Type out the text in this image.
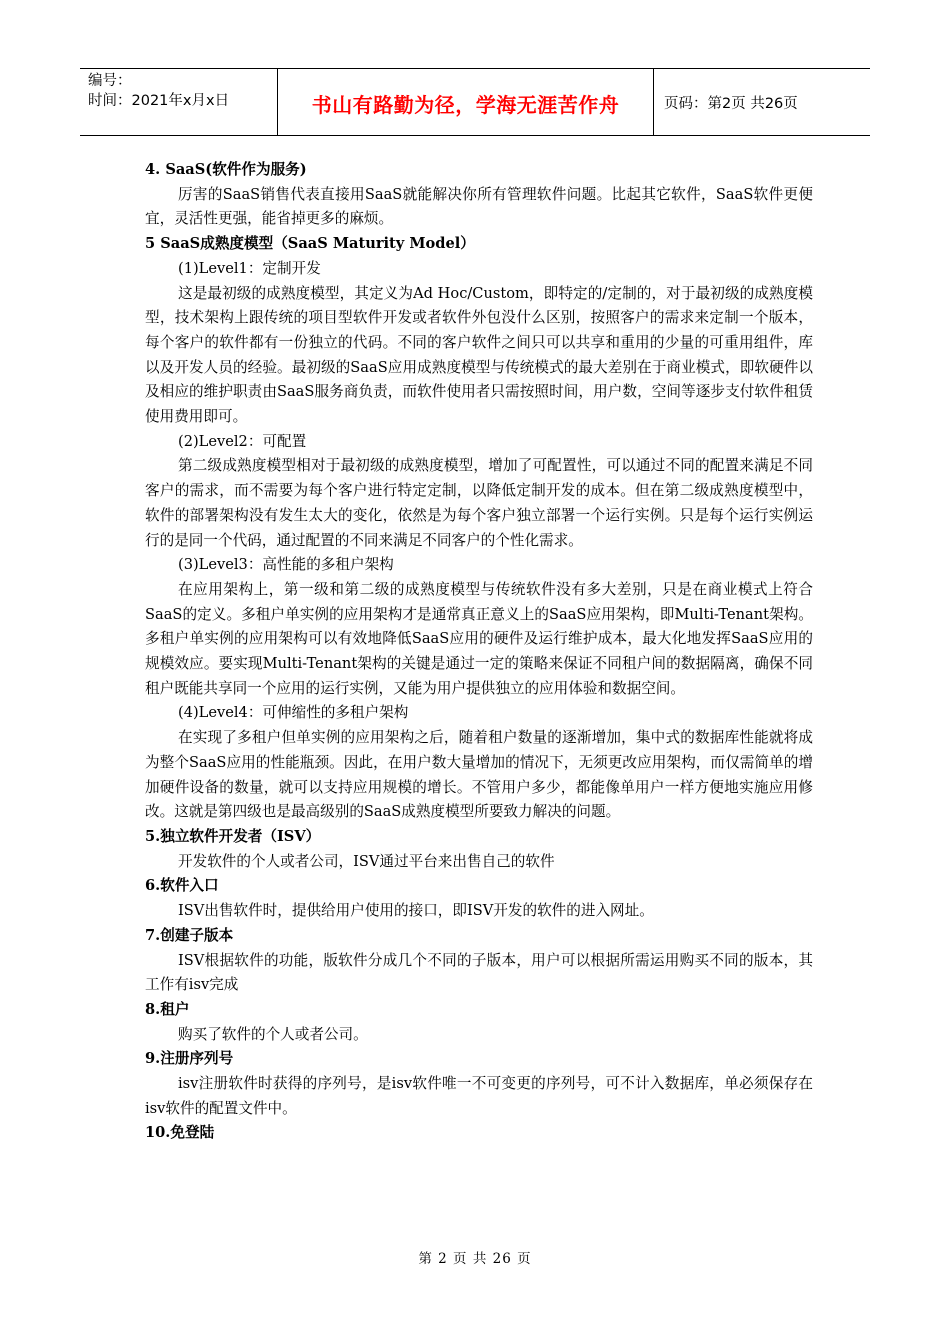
编号：
时间：2021年x月x日	书山有路勤为径，学海无涯苦作舟	页码：第2页 共26页

4. SaaS(软件作为服务)

厉害的SaaS销售代表直接用SaaS就能解决你所有管理软件问题。比起其它软件，SaaS软件更便宜，灵活性更强，能省掉更多的麻烦。

5 SaaS成熟度模型（SaaS Maturity Model）

(1)Level1：定制开发

这是最初级的成熟度模型，其定义为Ad Hoc/Custom，即特定的/定制的，对于最初级的成熟度模型，技术架构上跟传统的项目型软件开发或者软件外包没什么区别，按照客户的需求来定制一个版本，每个客户的软件都有一份独立的代码。不同的客户软件之间只可以共享和重用的少量的可重用组件，库以及开发人员的经验。最初级的SaaS应用成熟度模型与传统模式的最大差别在于商业模式，即软硬件以及相应的维护职责由SaaS服务商负责，而软件使用者只需按照时间，用户数，空间等逐步支付软件租赁使用费用即可。

(2)Level2：可配置

第二级成熟度模型相对于最初级的成熟度模型，增加了可配置性，可以通过不同的配置来满足不同客户的需求，而不需要为每个客户进行特定定制，以降低定制开发的成本。但在第二级成熟度模型中，软件的部署架构没有发生太大的变化，依然是为每个客户独立部署一个运行实例。只是每个运行实例运行的是同一个代码，通过配置的不同来满足不同客户的个性化需求。

(3)Level3：高性能的多租户架构

在应用架构上，第一级和第二级的成熟度模型与传统软件没有多大差别，只是在商业模式上符合SaaS的定义。多租户单实例的应用架构才是通常真正意义上的SaaS应用架构，即Multi-Tenant架构。多租户单实例的应用架构可以有效地降低SaaS应用的硬件及运行维护成本，最大化地发挥SaaS应用的规模效应。要实现Multi-Tenant架构的关键是通过一定的策略来保证不同租户间的数据隔离，确保不同租户既能共享同一个应用的运行实例，又能为用户提供独立的应用体验和数据空间。

(4)Level4：可伸缩性的多租户架构

在实现了多租户但单实例的应用架构之后，随着租户数量的逐渐增加，集中式的数据库性能就将成为整个SaaS应用的性能瓶颈。因此，在用户数大量增加的情况下，无须更改应用架构，而仅需简单的增加硬件设备的数量，就可以支持应用规模的增长。不管用户多少，都能像单用户一样方便地实施应用修改。这就是第四级也是最高级别的SaaS成熟度模型所要致力解决的问题。

5.独立软件开发者（ISV）

开发软件的个人或者公司，ISV通过平台来出售自己的软件

6.软件入口

ISV出售软件时，提供给用户使用的接口，即ISV开发的软件的进入网址。

7.创建子版本

ISV根据软件的功能，版软件分成几个不同的子版本，用户可以根据所需运用购买不同的版本，其工作有isv完成

8.租户

购买了软件的个人或者公司。

9.注册序列号

isv注册软件时获得的序列号，是isv软件唯一不可变更的序列号，可不计入数据库，单必须保存在isv软件的配置文件中。

10.免登陆

第 2 页 共 26 页
